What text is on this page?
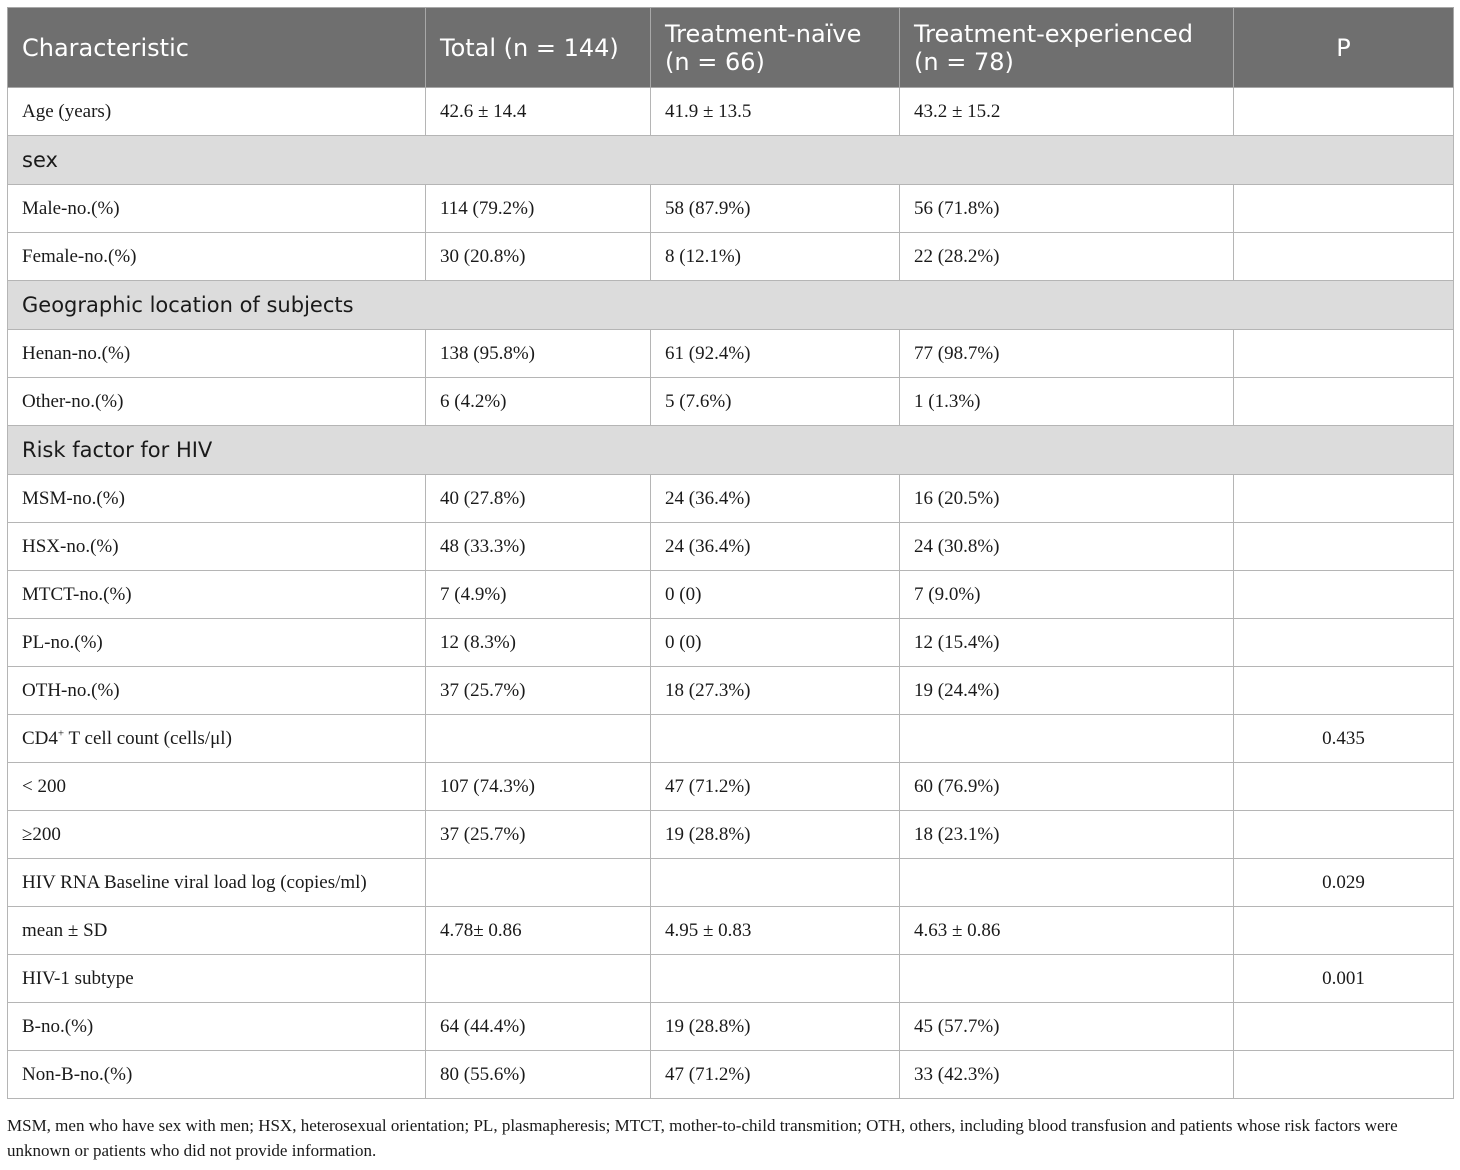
Characteristic	Total (n = 144)	Treatment-naïve (n = 66)	Treatment-experienced (n = 78)	P
Age (years)	42.6 ± 14.4	41.9 ± 13.5	43.2 ± 15.2	
sex				
Male-no.(%)	114 (79.2%)	58 (87.9%)	56 (71.8%)	
Female-no.(%)	30 (20.8%)	8 (12.1%)	22 (28.2%)	
Geographic location of subjects				
Henan-no.(%)	138 (95.8%)	61 (92.4%)	77 (98.7%)	
Other-no.(%)	6 (4.2%)	5 (7.6%)	1 (1.3%)	
Risk factor for HIV				
MSM-no.(%)	40 (27.8%)	24 (36.4%)	16 (20.5%)	
HSX-no.(%)	48 (33.3%)	24 (36.4%)	24 (30.8%)	
MTCT-no.(%)	7 (4.9%)	0 (0)	7 (9.0%)	
PL-no.(%)	12 (8.3%)	0 (0)	12 (15.4%)	
OTH-no.(%)	37 (25.7%)	18 (27.3%)	19 (24.4%)	
CD4+ T cell count (cells/μl)				0.435
< 200	107 (74.3%)	47 (71.2%)	60 (76.9%)	
≥200	37 (25.7%)	19 (28.8%)	18 (23.1%)	
HIV RNA Baseline viral load log (copies/ml)				0.029
mean ± SD	4.78± 0.86	4.95 ± 0.83	4.63 ± 0.86	
HIV-1 subtype				0.001
B-no.(%)	64 (44.4%)	19 (28.8%)	45 (57.7%)	
Non-B-no.(%)	80 (55.6%)	47 (71.2%)	33 (42.3%)	
MSM, men who have sex with men; HSX, heterosexual orientation; PL, plasmapheresis; MTCT, mother-to-child transmition; OTH, others, including blood transfusion and patients whose risk factors were unknown or patients who did not provide information.
